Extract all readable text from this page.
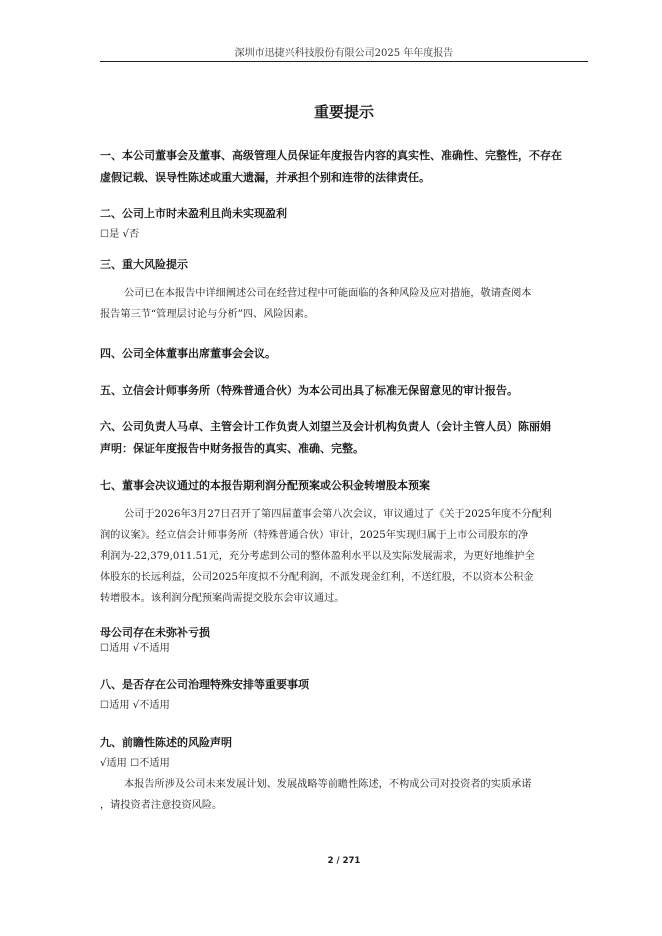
深圳市迅捷兴科技股份有限公司2025 年年度报告
重要提示
一、本公司董事会及董事、高级管理人员保证年度报告内容的真实性、准确性、完整性，不存在
虚假记载、误导性陈述或重大遗漏，并承担个别和连带的法律责任。
二、公司上市时未盈利且尚未实现盈利
☐是 √否
三、重大风险提示
公司已在本报告中详细阐述公司在经营过程中可能面临的各种风险及应对措施，敬请查阅本
报告第三节“管理层讨论与分析”四、风险因素。
四、公司全体董事出席董事会会议。
五、立信会计师事务所（特殊普通合伙）为本公司出具了标准无保留意见的审计报告。
六、公司负责人马卓、主管会计工作负责人刘望兰及会计机构负责人（会计主管人员）陈丽娟
声明：保证年度报告中财务报告的真实、准确、完整。
七、董事会决议通过的本报告期利润分配预案或公积金转增股本预案
公司于2026年3月27日召开了第四届董事会第八次会议，审议通过了《关于2025年度不分配利
润的议案》。经立信会计师事务所（特殊普通合伙）审计，2025年实现归属于上市公司股东的净
利润为-22,379,011.51元，充分考虑到公司的整体盈利水平以及实际发展需求，为更好地维护全
体股东的长远利益，公司2025年度拟不分配利润，不派发现金红利，不送红股，不以资本公积金
转增股本。该利润分配预案尚需提交股东会审议通过。
母公司存在未弥补亏损
☐适用 √不适用
八、是否存在公司治理特殊安排等重要事项
☐适用 √不适用
九、前瞻性陈述的风险声明
√适用 ☐不适用
本报告所涉及公司未来发展计划、发展战略等前瞻性陈述，不构成公司对投资者的实质承诺
，请投资者注意投资风险。
2 / 271
